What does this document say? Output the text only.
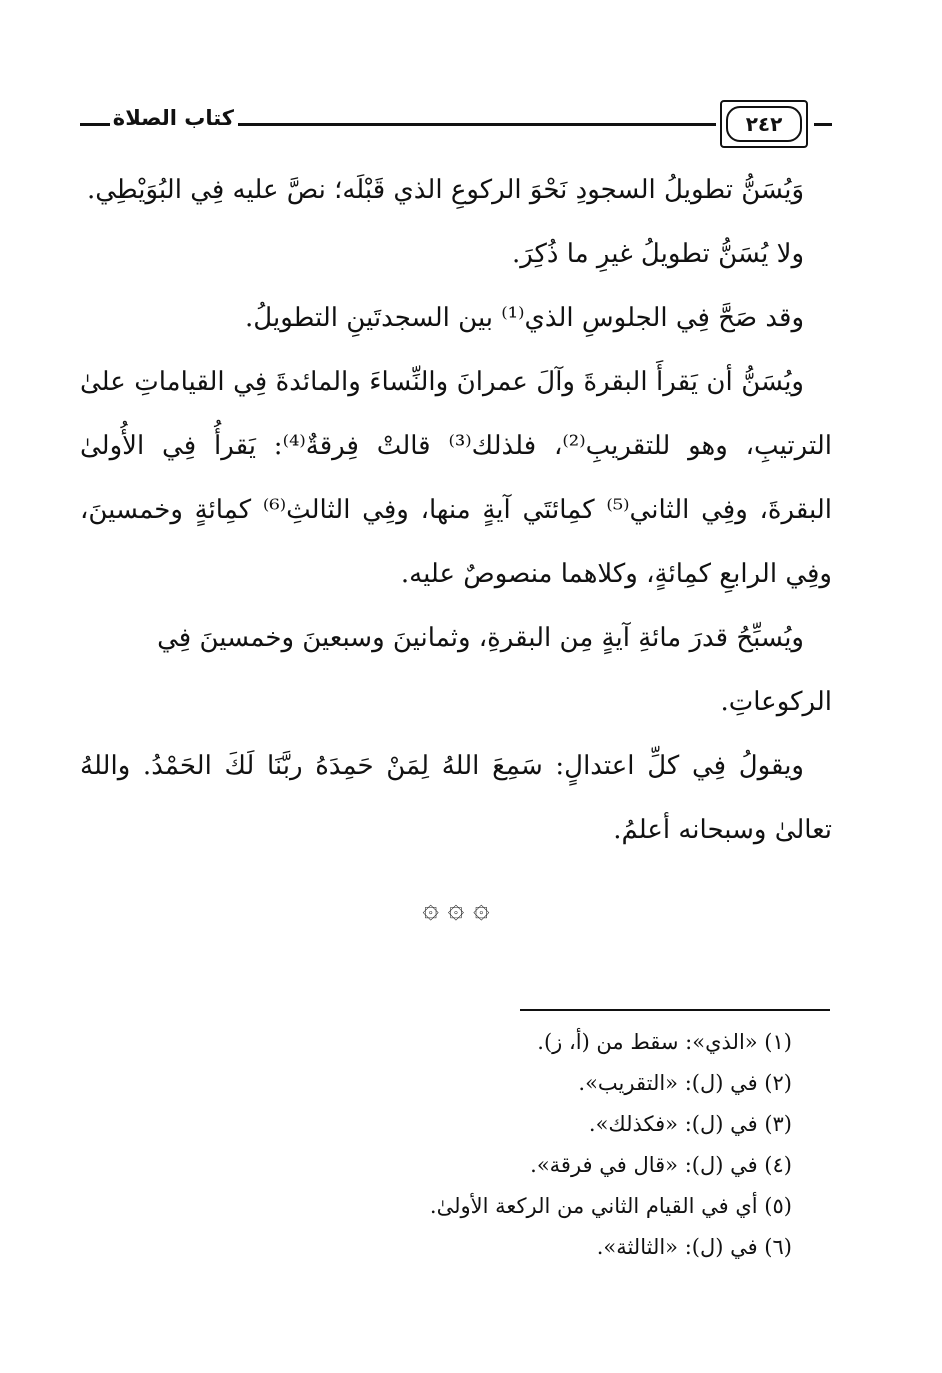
كتاب الصلاة	٢٤٢

وَيُسَنُّ تطويلُ السجودِ نَحْوَ الركوعِ الذي قَبْلَه؛ نصَّ عليه فِي البُوَيْطِي.

ولا يُسَنُّ تطويلُ غيرِ ما ذُكِرَ.

وقد صَحَّ فِي الجلوسِ الذي⁽¹⁾ بين السجدتَينِ التطويلُ.

ويُسَنُّ أن يَقرأَ البقرةَ وآلَ عمرانَ والنِّساءَ والمائدةَ فِي القياماتِ علىٰ الترتيبِ، وهو للتقريبِ⁽²⁾، فلذلك⁽³⁾ قالتْ فِرقةٌ⁽⁴⁾: يَقرأُ فِي الأُولىٰ البقرةَ، وفِي الثاني⁽⁵⁾ كمِائتَي آيةٍ منها، وفِي الثالثِ⁽⁶⁾ كمِائةٍ وخمسينَ، وفِي الرابعِ كمِائةٍ، وكلاهما منصوصٌ عليه.

ويُسبِّحُ قدرَ مائةِ آيةٍ مِن البقرةِ، وثمانينَ وسبعينَ وخمسينَ فِي الركوعاتِ.

ويقولُ فِي كلِّ اعتدالٍ: سَمِعَ اللهُ لِمَنْ حَمِدَهُ ربَّنَا لَكَ الحَمْدُ. واللهُ تعالىٰ وسبحانه أعلمُ.

۞ ۞ ۞
(١) «الذي»: سقط من (أ، ز).
(٢) في (ل): «التقريب».
(٣) في (ل): «فكذلك».
(٤) في (ل): «قال في فرقة».
(٥) أي في القيام الثاني من الركعة الأولىٰ.
(٦) في (ل): «الثالثة».
